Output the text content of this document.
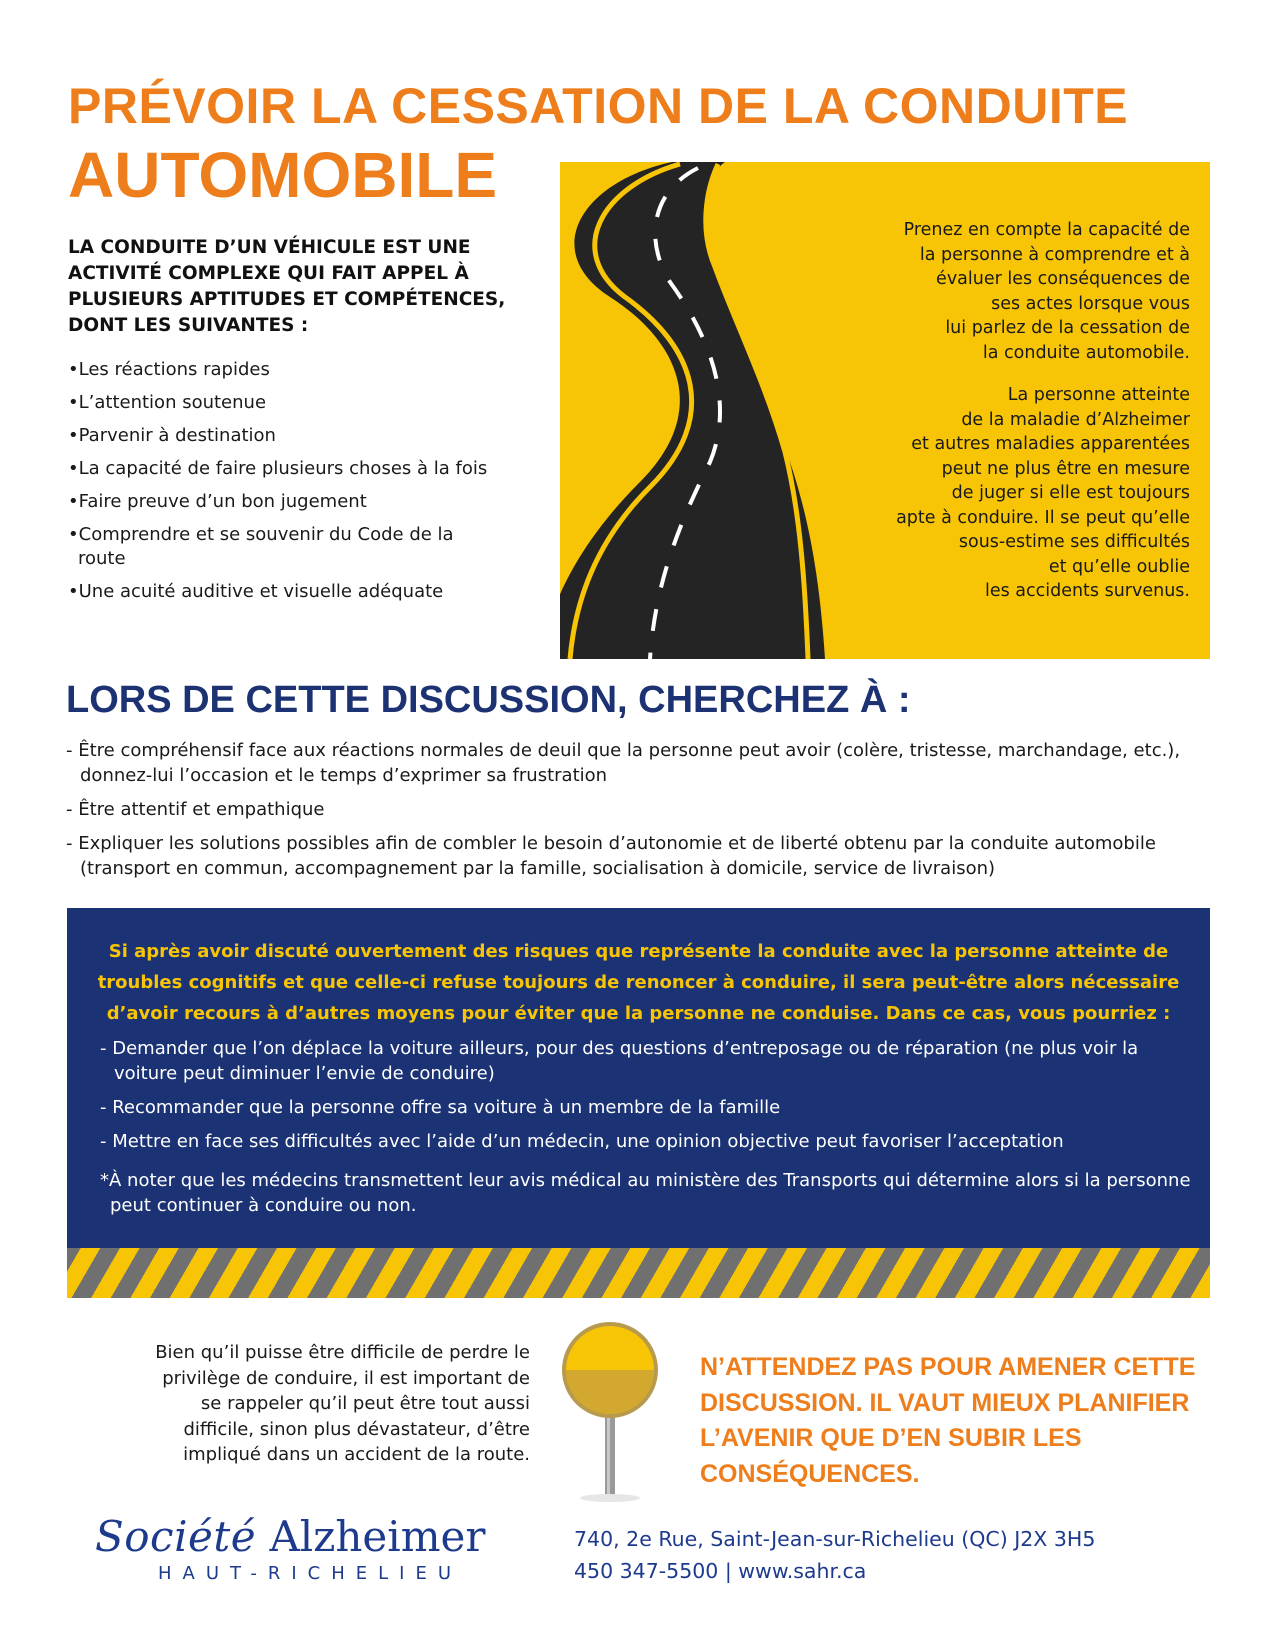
PRÉVOIR LA CESSATION DE LA CONDUITE
AUTOMOBILE

LA CONDUITE D’UN VÉHICULE EST UNE ACTIVITÉ COMPLEXE QUI FAIT APPEL À PLUSIEURS APTITUDES ET COMPÉTENCES, DONT LES SUIVANTES :

• Les réactions rapides
• L’attention soutenue
• Parvenir à destination
• La capacité de faire plusieurs choses à la fois
• Faire preuve d’un bon jugement
• Comprendre et se souvenir du Code de la route
• Une acuité auditive et visuelle adéquate

Prenez en compte la capacité de
la personne à comprendre et à
évaluer les conséquences de
ses actes lorsque vous
lui parlez de la cessation de
la conduite automobile.

La personne atteinte
de la maladie d’Alzheimer
et autres maladies apparentées
peut ne plus être en mesure
de juger si elle est toujours
apte à conduire. Il se peut qu’elle
sous-estime ses difficultés
et qu’elle oublie
les accidents survenus.

LORS DE CETTE DISCUSSION, CHERCHEZ À :
- Être compréhensif face aux réactions normales de deuil que la personne peut avoir (colère, tristesse, marchandage, etc.), donnez-lui l’occasion et le temps d’exprimer sa frustration
- Être attentif et empathique
- Expliquer les solutions possibles afin de combler le besoin d’autonomie et de liberté obtenu par la conduite automobile (transport en commun, accompagnement par la famille, socialisation à domicile, service de livraison)

Si après avoir discuté ouvertement des risques que représente la conduite avec la personne atteinte de troubles cognitifs et que celle-ci refuse toujours de renoncer à conduire, il sera peut-être alors nécessaire d’avoir recours à d’autres moyens pour éviter que la personne ne conduise. Dans ce cas, vous pourriez :

- Demander que l’on déplace la voiture ailleurs, pour des questions d’entreposage ou de réparation (ne plus voir la voiture peut diminuer l’envie de conduire)
- Recommander que la personne offre sa voiture à un membre de la famille
- Mettre en face ses difficultés avec l’aide d’un médecin, une opinion objective peut favoriser l’acceptation

*À noter que les médecins transmettent leur avis médical au ministère des Transports qui détermine alors si la personne peut continuer à conduire ou non.

Bien qu’il puisse être difficile de perdre le privilège de conduire, il est important de se rappeler qu’il peut être tout aussi difficile, sinon plus dévastateur, d’être impliqué dans un accident de la route.

N’ATTENDEZ PAS POUR AMENER CETTE DISCUSSION. IL VAUT MIEUX PLANIFIER L’AVENIR QUE D’EN SUBIR LES CONSÉQUENCES.

Société Alzheimer
HAUT-RICHELIEU
740, 2e Rue, Saint-Jean-sur-Richelieu (QC) J2X 3H5
450 347-5500 | www.sahr.ca
